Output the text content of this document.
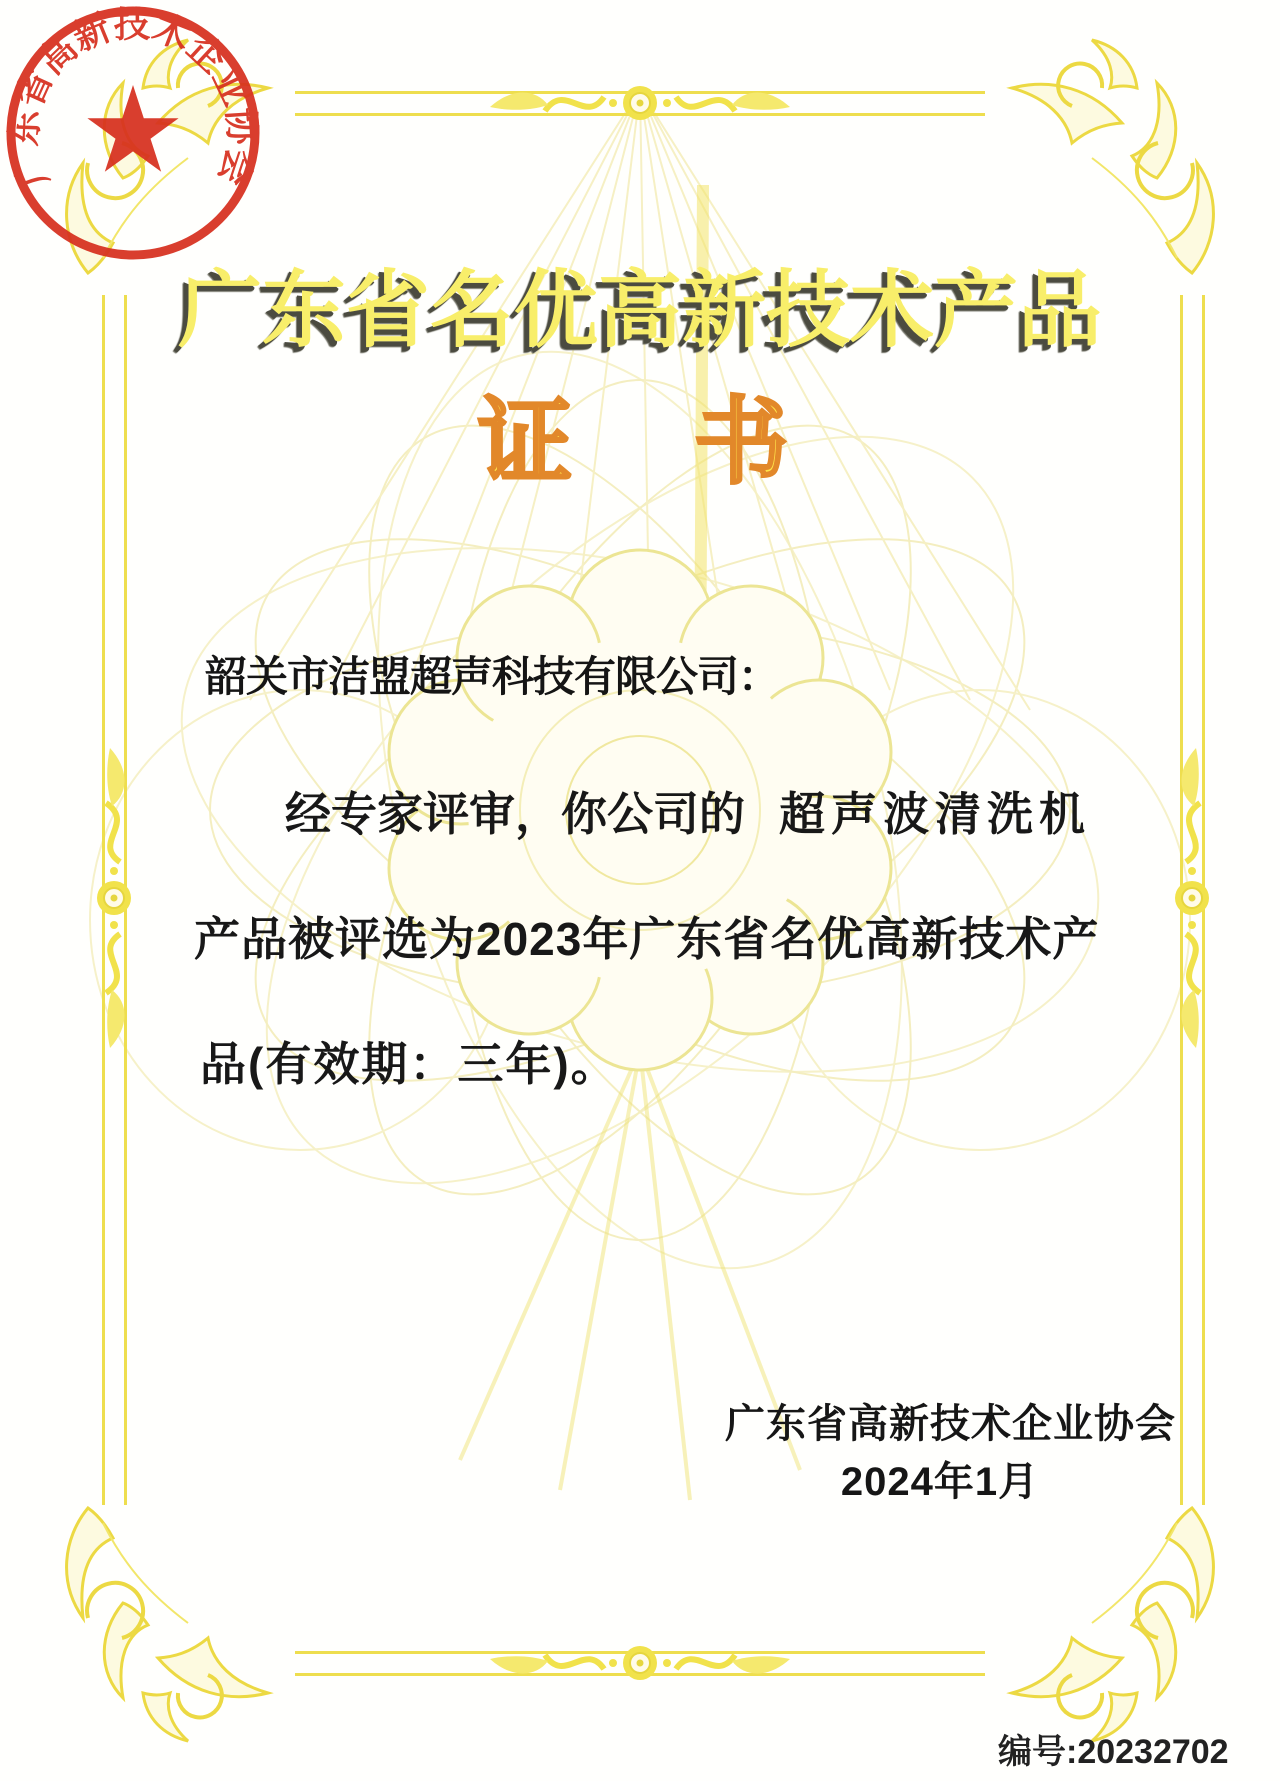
广东省名优高新技术产品
证　书
韶关市洁盟超声科技有限公司：
经专家评审，你公司的 超声波清洗机
产品被评选为2023年广东省名优高新技术产
品(有效期：三年)。
广东省高新技术企业协会
广东省高新技术企业协会
2024年1月
编号:20232702
